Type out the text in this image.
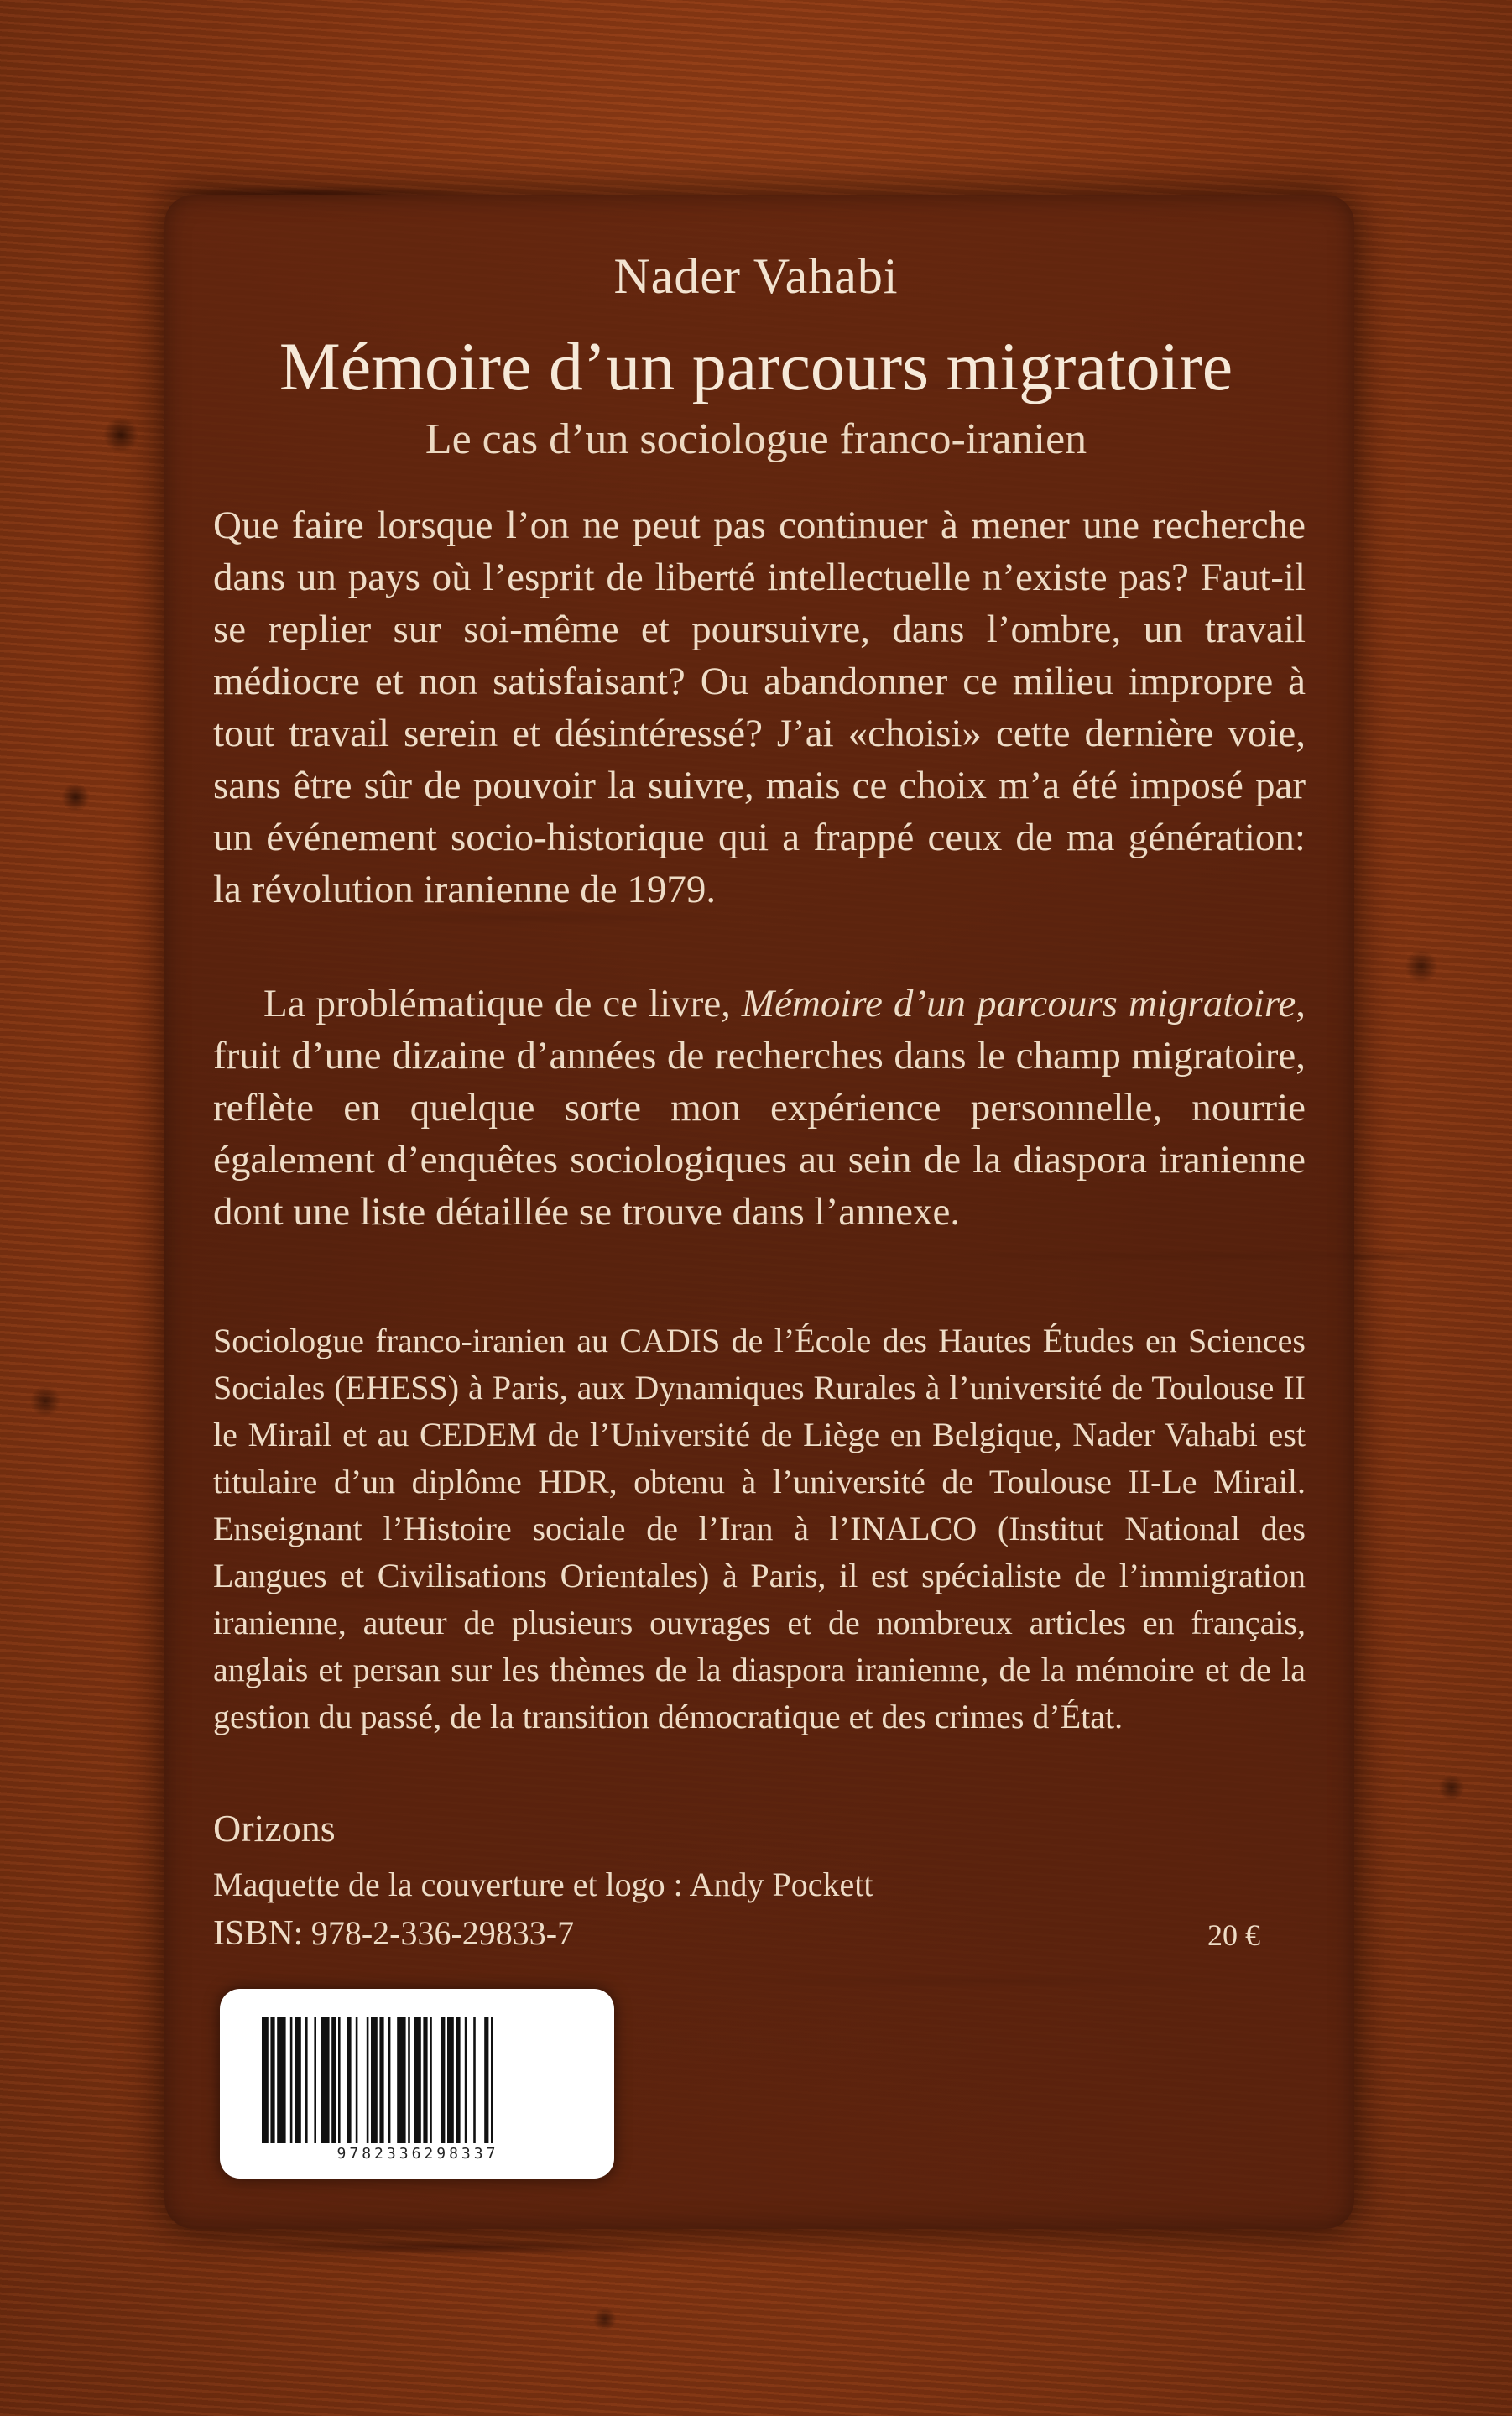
Nader Vahabi

Mémoire d’un parcours migratoire

Le cas d’un sociologue franco-iranien

Que faire lorsque l’on ne peut pas continuer à mener une recherche dans un pays où l’esprit de liberté intellectuelle n’existe pas? Faut-il se replier sur soi-même et poursuivre, dans l’ombre, un travail médiocre et non satisfaisant? Ou abandonner ce milieu impropre à tout travail serein et désintéressé? J’ai «choisi» cette dernière voie, sans être sûr de pouvoir la suivre, mais ce choix m’a été imposé par un événement socio-historique qui a frappé ceux de ma génération: la révolution iranienne de 1979.

La problématique de ce livre, Mémoire d’un parcours migratoire, fruit d’une dizaine d’années de recherches dans le champ migratoire, reflète en quelque sorte mon expérience personnelle, nourrie également d’enquêtes sociologiques au sein de la diaspora iranienne dont une liste détaillée se trouve dans l’annexe.

Sociologue franco-iranien au CADIS de l’École des Hautes Études en Sciences Sociales (EHESS) à Paris, aux Dynamiques Rurales à l’université de Toulouse II le Mirail et au CEDEM de l’Université de Liège en Belgique, Nader Vahabi est titulaire d’un diplôme HDR, obtenu à l’université de Toulouse II-Le Mirail. Enseignant l’Histoire sociale de l’Iran à l’INALCO (Institut National des Langues et Civilisations Orientales) à Paris, il est spécialiste de l’immigration iranienne, auteur de plusieurs ouvrages et de nombreux articles en français, anglais et persan sur les thèmes de la diaspora iranienne, de la mémoire et de la gestion du passé, de la transition démocratique et des crimes d’État.

Orizons

Maquette de la couverture et logo : Andy Pockett

ISBN: 978-2-336-29833-7	20 €

9782336298337
